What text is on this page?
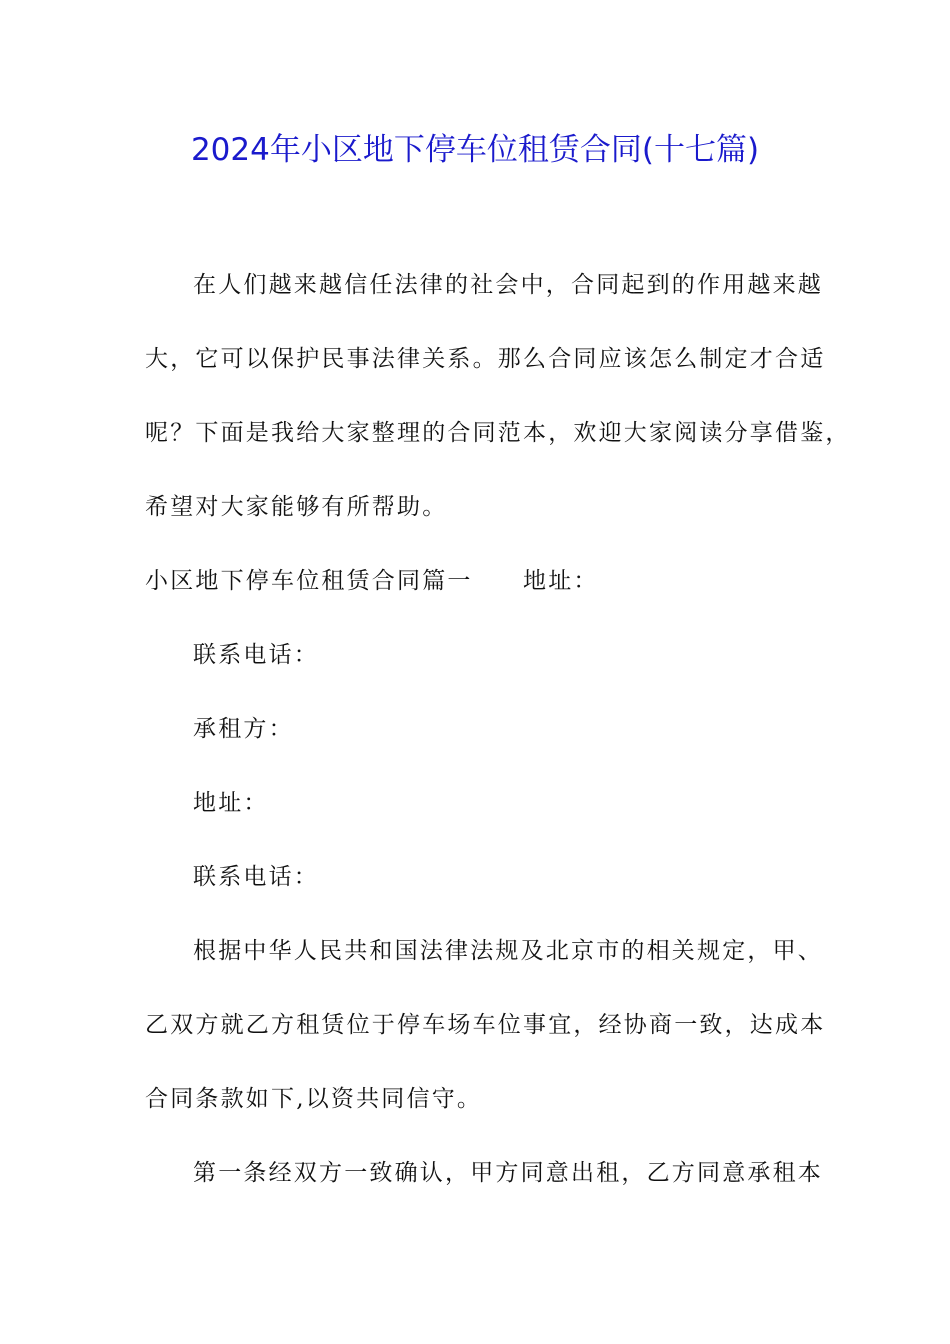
2024年小区地下停车位租赁合同(十七篇)
在人们越来越信任法律的社会中，合同起到的作用越来越
大，它可以保护民事法律关系。那么合同应该怎么制定才合适
呢？下面是我给大家整理的合同范本，欢迎大家阅读分享借鉴，
希望对大家能够有所帮助。
小区地下停车位租赁合同篇一　　地址：
联系电话：
承租方：
地址：
联系电话：
根据中华人民共和国法律法规及北京市的相关规定，甲、
乙双方就乙方租赁位于停车场车位事宜，经协商一致，达成本
合同条款如下,以资共同信守。
第一条经双方一致确认，甲方同意出租，乙方同意承租本
